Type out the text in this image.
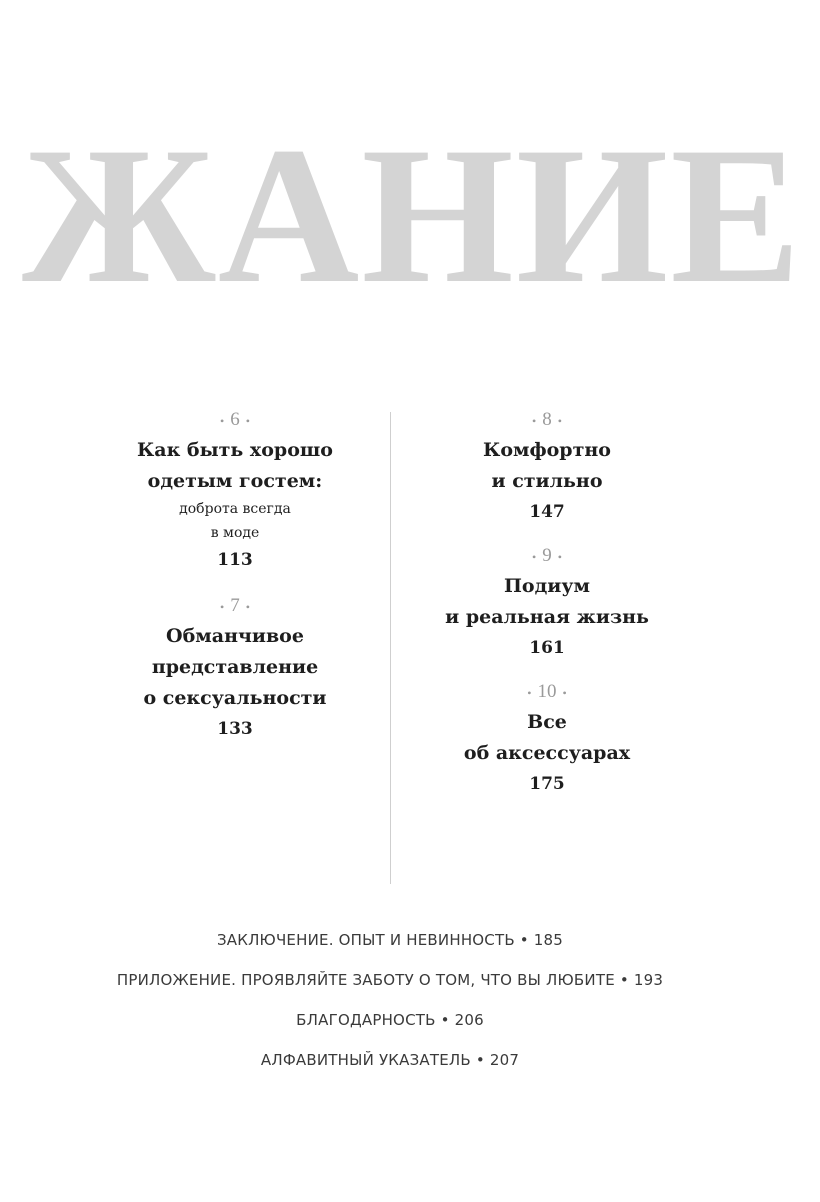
ЖАНИЕ
• 6 •
Как быть хорошо
одетым гостем:
доброта всегда
в моде
113
• 7 •
Обманчивое
представление
о сексуальности
133
• 8 •
Комфортно
и стильно
147
• 9 •
Подиум
и реальная жизнь
161
• 10 •
Все
об аксессуарах
175
ЗАКЛЮЧЕНИЕ. ОПЫТ И НЕВИННОСТЬ • 185
ПРИЛОЖЕНИЕ. ПРОЯВЛЯЙТЕ ЗАБОТУ О ТОМ, ЧТО ВЫ ЛЮБИТЕ • 193
БЛАГОДАРНОСТЬ • 206
АЛФАВИТНЫЙ УКАЗАТЕЛЬ • 207
